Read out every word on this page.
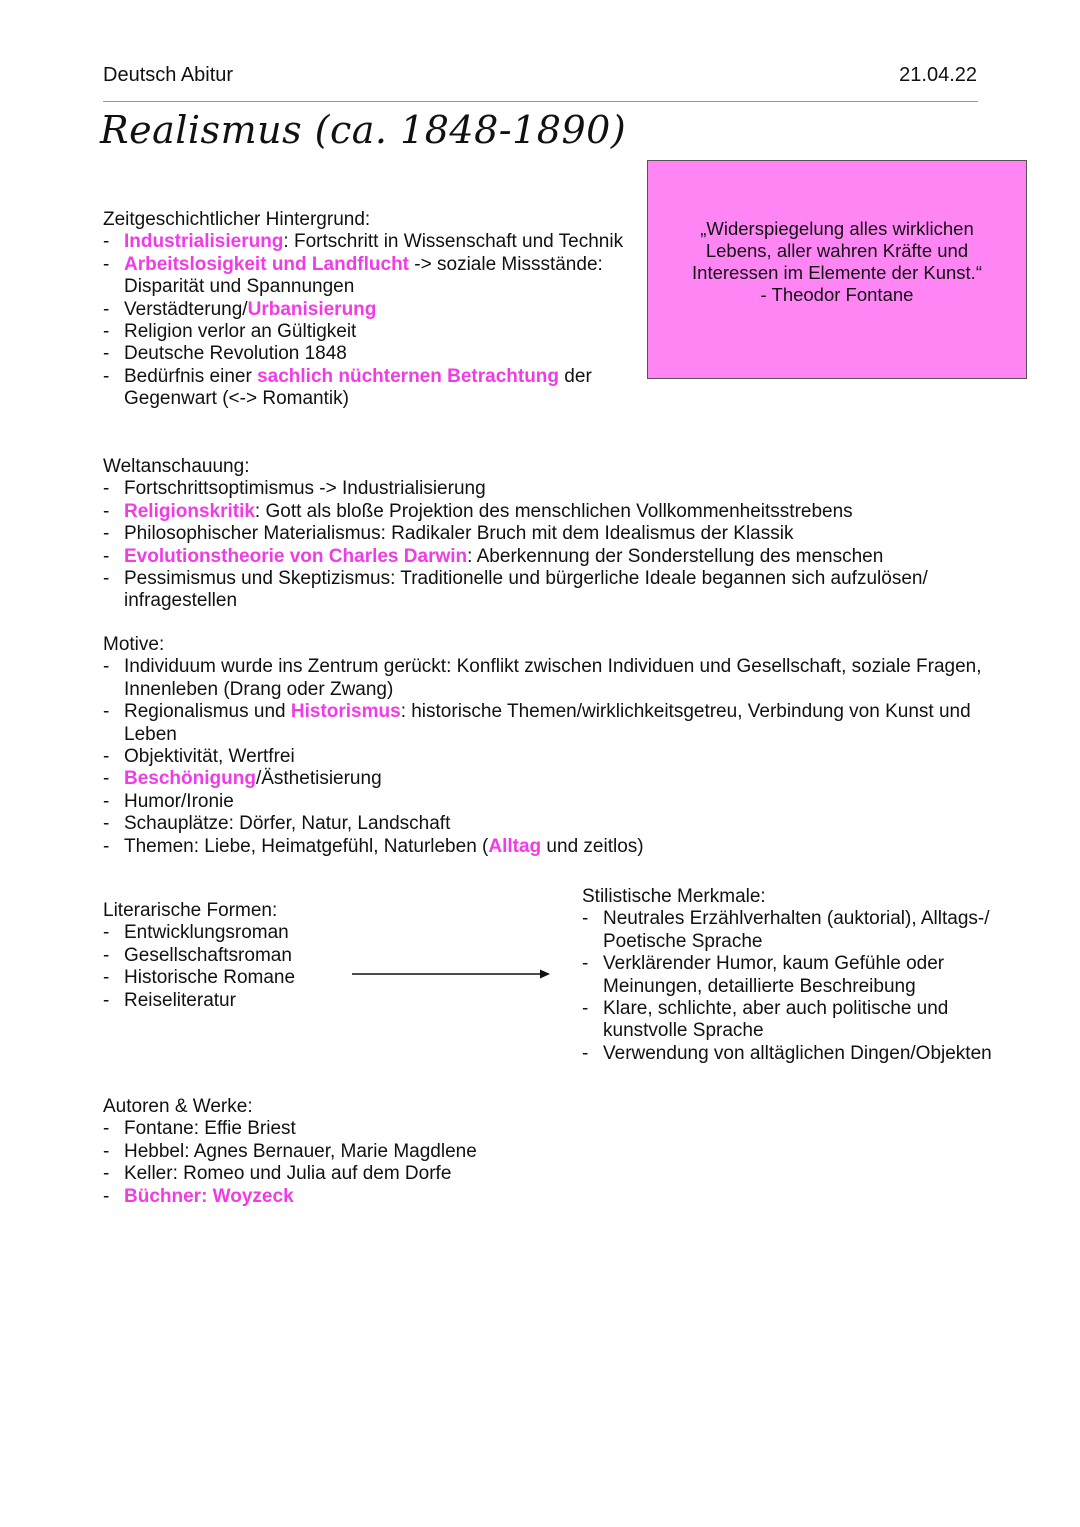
Deutsch Abitur	21.04.22
Realismus (ca. 1848-1890)
„Widerspiegelung alles wirklichen Lebens, aller wahren Kräfte und Interessen im Elemente der Kunst.“
- Theodor Fontane

Zeitgeschichtlicher Hintergrund:

- Industrialisierung: Fortschritt in Wissenschaft und Technik
- Arbeitslosigkeit und Landflucht -> soziale Missstände: Disparität und Spannungen
- Verstädterung/Urbanisierung
- Religion verlor an Gültigkeit
- Deutsche Revolution 1848
- Bedürfnis einer sachlich nüchternen Betrachtung der Gegenwart (<-> Romantik)

Weltanschauung:

- Fortschrittsoptimismus -> Industrialisierung
- Religionskritik: Gott als bloße Projektion des menschlichen Vollkommenheitsstrebens
- Philosophischer Materialismus: Radikaler Bruch mit dem Idealismus der Klassik
- Evolutionstheorie von Charles Darwin: Aberkennung der Sonderstellung des menschen
- Pessimismus und Skeptizismus: Traditionelle und bürgerliche Ideale begannen sich aufzulösen/ infragestellen

Motive:

- Individuum wurde ins Zentrum gerückt: Konflikt zwischen Individuen und Gesellschaft, soziale Fragen, Innenleben (Drang oder Zwang)
- Regionalismus und Historismus: historische Themen/wirklichkeitsgetreu, Verbindung von Kunst und Leben
- Objektivität, Wertfrei
- Beschönigung/Ästhetisierung
- Humor/Ironie
- Schauplätze: Dörfer, Natur, Landschaft
- Themen: Liebe, Heimatgefühl, Naturleben (Alltag und zeitlos)

Literarische Formen:

- Entwicklungsroman
- Gesellschaftsroman
- Historische Romane
- Reiseliteratur

Stilistische Merkmale:

- Neutrales Erzählverhalten (auktorial), Alltags-/ Poetische Sprache
- Verklärender Humor, kaum Gefühle oder Meinungen, detaillierte Beschreibung
- Klare, schlichte, aber auch politische und kunstvolle Sprache
- Verwendung von alltäglichen Dingen/Objekten

Autoren & Werke:

- Fontane: Effie Briest
- Hebbel: Agnes Bernauer, Marie Magdlene
- Keller: Romeo und Julia auf dem Dorfe
- Büchner: Woyzeck
